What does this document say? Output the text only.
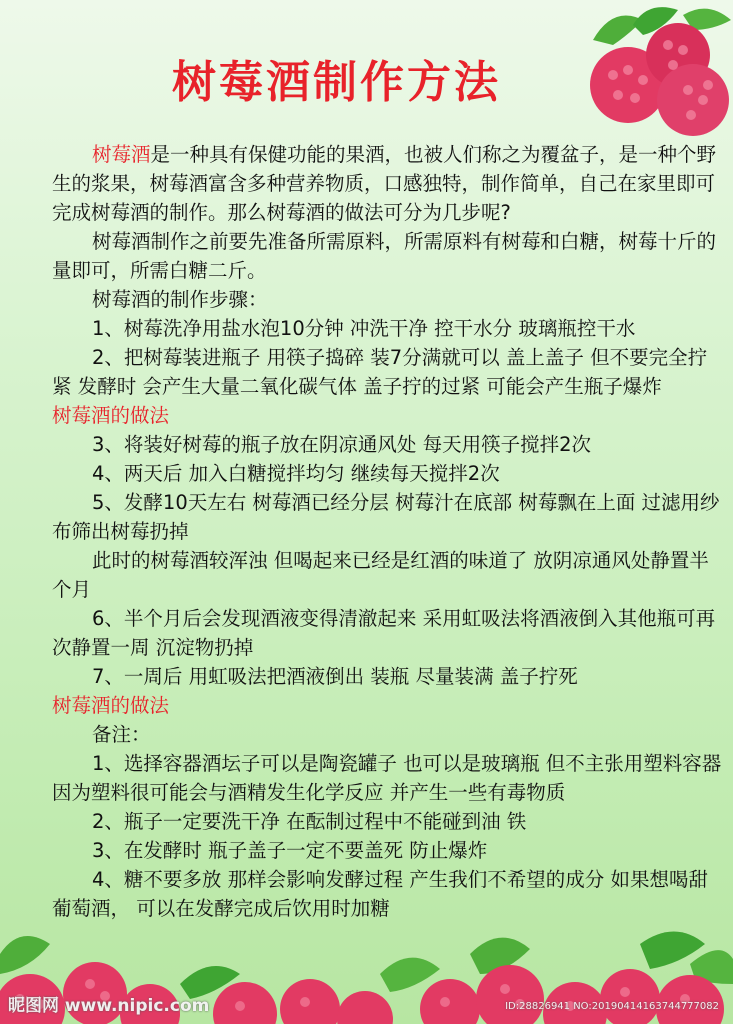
树莓酒制作方法

树莓酒是一种具有保健功能的果酒，也被人们称之为覆盆子，是一种个野生的浆果，树莓酒富含多种营养物质，口感独特，制作简单，自己在家里即可完成树莓酒的制作。那么树莓酒的做法可分为几步呢?

树莓酒制作之前要先准备所需原料，所需原料有树莓和白糖，树莓十斤的量即可，所需白糖二斤。

树莓酒的制作步骤：

1、树莓洗净用盐水泡10分钟 冲洗干净 控干水分 玻璃瓶控干水

2、把树莓装进瓶子 用筷子捣碎 装7分满就可以 盖上盖子 但不要完全拧紧 发酵时 会产生大量二氧化碳气体 盖子拧的过紧 可能会产生瓶子爆炸

树莓酒的做法

3、将装好树莓的瓶子放在阴凉通风处 每天用筷子搅拌2次

4、两天后 加入白糖搅拌均匀 继续每天搅拌2次

5、发酵10天左右 树莓酒已经分层 树莓汁在底部 树莓飘在上面 过滤用纱布筛出树莓扔掉

此时的树莓酒较浑浊 但喝起来已经是红酒的味道了 放阴凉通风处静置半个月

6、半个月后会发现酒液变得清澈起来 采用虹吸法将酒液倒入其他瓶可再次静置一周 沉淀物扔掉

7、一周后 用虹吸法把酒液倒出 装瓶 尽量装满 盖子拧死

树莓酒的做法

备注：

1、选择容器酒坛子可以是陶瓷罐子 也可以是玻璃瓶 但不主张用塑料容器 因为塑料很可能会与酒精发生化学反应 并产生一些有毒物质

2、瓶子一定要洗干净 在酝制过程中不能碰到油 铁

3、在发酵时 瓶子盖子一定不要盖死 防止爆炸

4、糖不要多放 那样会影响发酵过程 产生我们不希望的成分 如果想喝甜葡萄酒， 可以在发酵完成后饮用时加糖

昵图网 www.nipic.com	ID:28826941 NO:20190414163744777082
